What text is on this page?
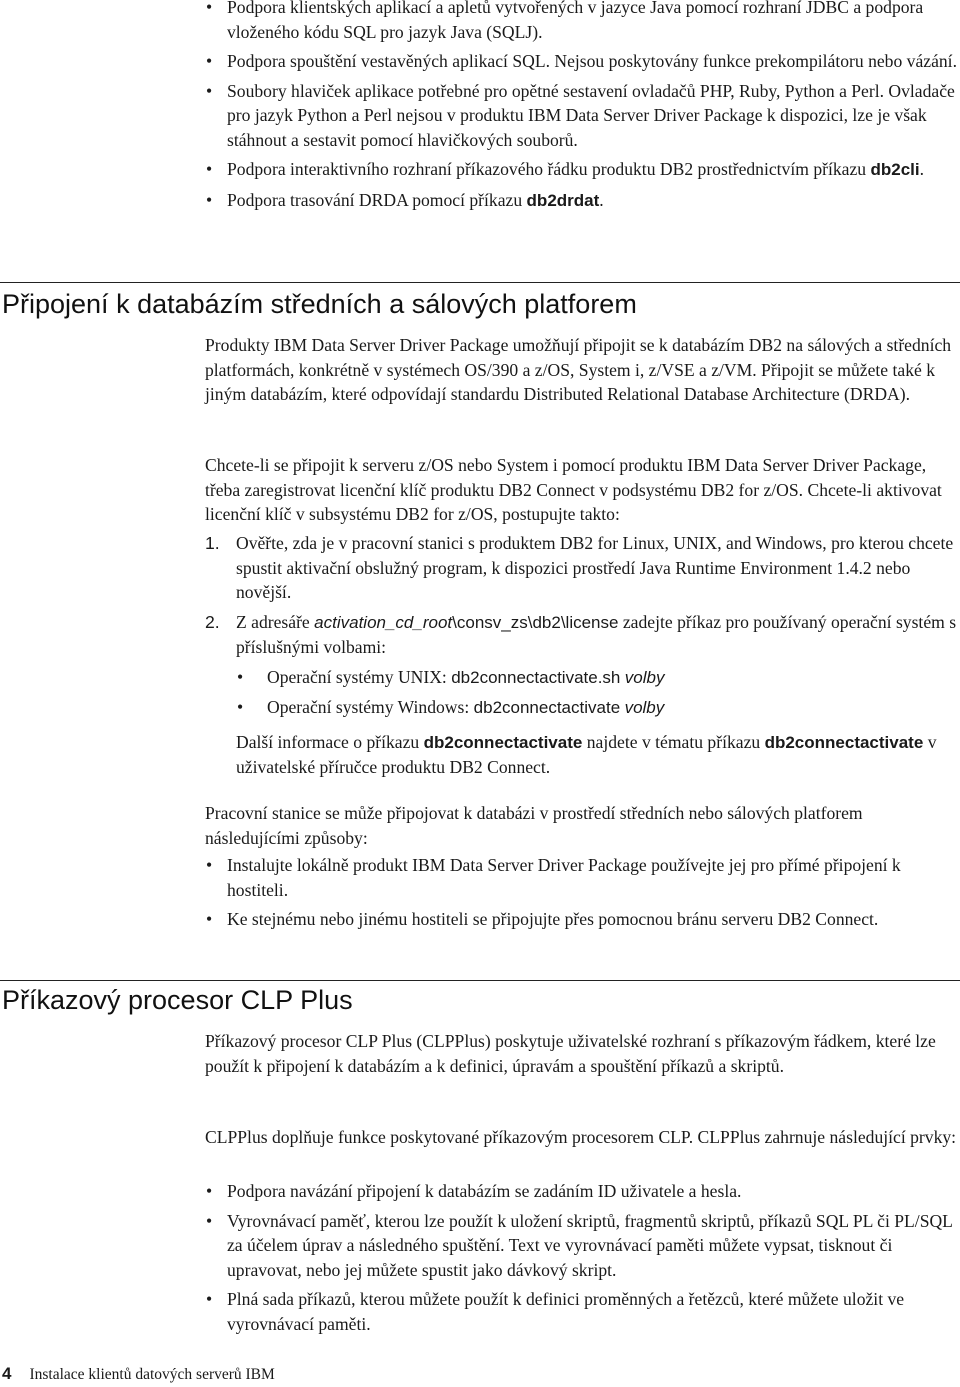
• Podpora klientských aplikací a apletů vytvořených v jazyce Java pomocí rozhraní JDBC a podpora vloženého kódu SQL pro jazyk Java (SQLJ).
• Podpora spouštění vestavěných aplikací SQL. Nejsou poskytovány funkce prekompilátoru nebo vázání.
• Soubory hlaviček aplikace potřebné pro opětné sestavení ovladačů PHP, Ruby, Python a Perl. Ovladače pro jazyk Python a Perl nejsou v produktu IBM Data Server Driver Package k dispozici, lze je však stáhnout a sestavit pomocí hlavičkových souborů.
• Podpora interaktivního rozhraní příkazového řádku produktu DB2 prostřednictvím příkazu db2cli.
• Podpora trasování DRDA pomocí příkazu db2drdat.
Připojení k databázím středních a sálových platforem
Produkty IBM Data Server Driver Package umožňují připojit se k databázím DB2 na sálových a středních platformách, konkrétně v systémech OS/390 a z/OS, System i, z/VSE a z/VM. Připojit se můžete také k jiným databázím, které odpovídají standardu Distributed Relational Database Architecture (DRDA).
Chcete-li se připojit k serveru z/OS nebo System i pomocí produktu IBM Data Server Driver Package, třeba zaregistrovat licenční klíč produktu DB2 Connect v podsystému DB2 for z/OS. Chcete-li aktivovat licenční klíč v subsystému DB2 for z/OS, postupujte takto:
1. Ověřte, zda je v pracovní stanici s produktem DB2 for Linux, UNIX, and Windows, pro kterou chcete spustit aktivační obslužný program, k dispozici prostředí Java Runtime Environment 1.4.2 nebo novější.
2. Z adresáře activation_cd_root\consv_zs\db2\license zadejte příkaz pro používaný operační systém s příslušnými volbami:
• Operační systémy UNIX: db2connectactivate.sh volby
• Operační systémy Windows: db2connectactivate volby
Další informace o příkazu db2connectactivate najdete v tématu příkazu db2connectactivate v uživatelské příručce produktu DB2 Connect.
Pracovní stanice se může připojovat k databázi v prostředí středních nebo sálových platforem následujícími způsoby:
• Instalujte lokálně produkt IBM Data Server Driver Package používejte jej pro přímé připojení k hostiteli.
• Ke stejnému nebo jinému hostiteli se připojujte přes pomocnou bránu serveru DB2 Connect.
Příkazový procesor CLP Plus
Příkazový procesor CLP Plus (CLPPlus) poskytuje uživatelské rozhraní s příkazovým řádkem, které lze použít k připojení k databázím a k definici, úpravám a spouštění příkazů a skriptů.
CLPPlus doplňuje funkce poskytované příkazovým procesorem CLP. CLPPlus zahrnuje následující prvky:
• Podpora navázání připojení k databázím se zadáním ID uživatele a hesla.
• Vyrovnávací paměť, kterou lze použít k uložení skriptů, fragmentů skriptů, příkazů SQL PL či PL/SQL za účelem úprav a následného spuštění. Text ve vyrovnávací paměti můžete vypsat, tisknout či upravovat, nebo jej můžete spustit jako dávkový skript.
• Plná sada příkazů, kterou můžete použít k definici proměnných a řetězců, které můžete uložit ve vyrovnávací paměti.
4 Instalace klientů datových serverů IBM
